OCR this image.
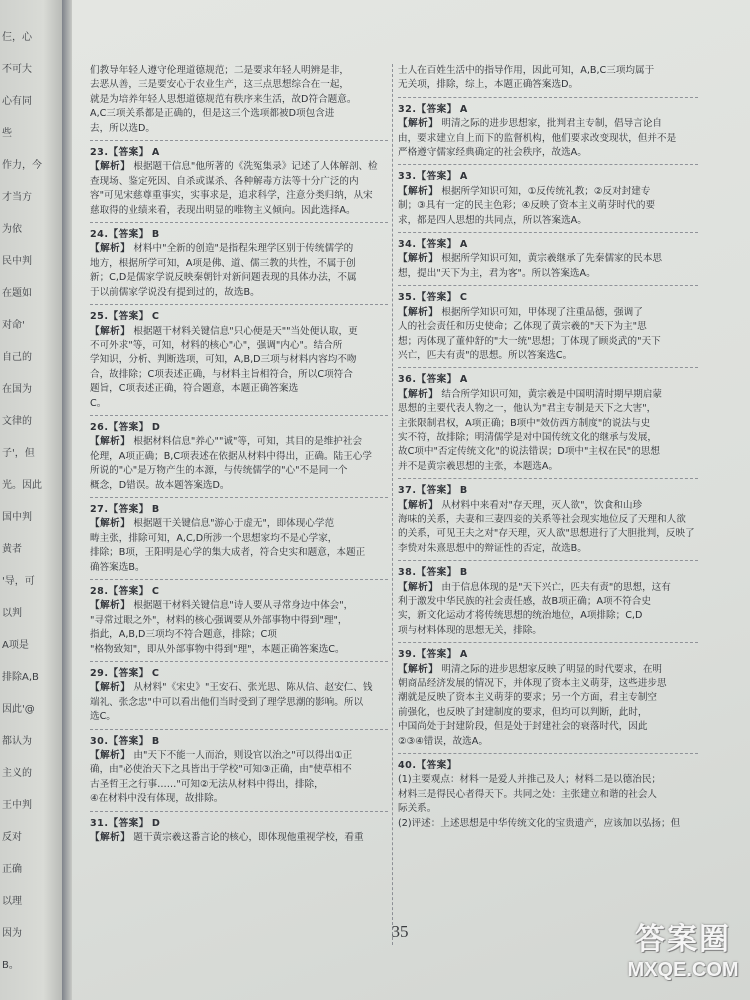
仨，心
不可大
心有同
些
作力，今
才当方
为依
民中判
在题如
对命'
自己的
在国为
文律的
子'，但
光。因此
国中判
黄者
'导，可
以判
A项是
排除A,B
因此'@
都认为
主义的
王中判
反对
正确
以理
因为
B。
们教导年轻人遵守伦理道德规范；二是要求年轻人明辨是非，
去恶从善，三是要安心于农业生产，这三点思想综合在一起，
就是为培养年轻人思想道德规范有秩序来生活，故D符合题意。
A,C三项关系都是正确的，但是这三个选项都被D项包含进
去，所以选D。
23.【答案】 A
【解析】 根据题干信息"他所著的《洗冤集录》记述了人体解剖、检
查现场、鉴定死因、自杀或谋杀、各种解毒方法等十分广泛的内
容"可见宋慈尊重事实，实事求是，追求科学，注意分类归纳，从宋
慈取得的业绩来看，表现出明显的唯物主义倾向。因此选择A。
24.【答案】 B
【解析】 材料中"全新的创造"是指程朱理学区别于传统儒学的
地方，根据所学可知，A项是佛、道、儒三教的共性，不属于创
新；C,D是儒家学说反映秦朝针对新问题表现的具体办法，不属
于以前儒家学说没有提到过的，故选B。
25.【答案】 C
【解析】 根据题干材料关键信息"只心便是天""当处便认取，更
不可外求"等，可知，材料的核心"心"，强调"内心"。结合所
学知识，分析、判断选项，可知，A,B,D三项与材料内容均不吻
合，故排除；C项表述正确，与材料主旨相符合，所以C项符合
题旨，C项表述正确，符合题意，本题正确答案选
C。
26.【答案】 D
【解析】 根据材料信息"养心""诚"等，可知，其目的是维护社会
伦理，A项正确；B,C项表述在依据从材料中得出，正确。陆王心学
所说的"心"是万物产生的本源，与传统儒学的"心"不是同一个
概念，D错误。故本题答案选D。
27.【答案】 B
【解析】 根据题干关键信息"游心于虚无"，即体现心学范
畴主张，排除可知，A,C,D所涉一个思想家均不是心学家，
排除；B项，王阳明是心学的集大成者，符合史实和题意，本题正
确答案选B。
28.【答案】 C
【解析】 根据题干材料关键信息"诗人要从寻常身边中体会"，
"寻常过眼之外"，材料的核心强调要从外部事物中得到"理"，
指此，A,B,D三项均不符合题意，排除；C项
"格物致知"，即从外部事物中得到"理"，本题正确答案选C。
29.【答案】 C
【解析】 从材料"《宋史》"王安石、张光思、陈从信、赵安仁、钱
端礼、张念忠"中可以看出他们当时受到了理学思潮的影响。所以
选C。
30.【答案】 B
【解析】 由"天下不能一人而治，则设官以治之"可以得出①正
确，由"必使治天下之具皆出于学校"可知③正确，由"使草相不
古圣哲王之行事……"可知②无法从材料中得出，排除，
④在材料中没有体现，故排除。
31.【答案】 D
【解析】 题干黄宗羲这番言论的核心，即体现他重视学校，看重
士人在百姓生活中的指导作用，因此可知，A,B,C三项均属于
无关项，排除，综上，本题正确答案选D。
32.【答案】 A
【解析】 明清之际的进步思想家，批判君主专制，倡导言论自
由，要求建立自上而下的监督机构，他们要求改变现状，但并不是
严格遵守儒家经典确定的社会秩序，故选A。
33.【答案】 A
【解析】 根据所学知识可知，①反传统礼教；②反对封建专
制；③具有一定的民主色彩；④反映了资本主义萌芽时代的要
求，都是四人思想的共同点，所以答案选A。
34.【答案】 A
【解析】 根据所学知识可知，黄宗羲继承了先秦儒家的民本思
想，提出"天下为主，君为客"。所以答案选A。
35.【答案】 C
【解析】 根据所学知识可知，甲体现了注重品德，强调了
人的社会责任和历史使命；乙体现了黄宗羲的"天下为主"思
想；丙体现了董仲舒的"大一统"思想；丁体现了顾炎武的"天下
兴亡，匹夫有责"的思想。所以答案选C。
36.【答案】 A
【解析】 结合所学知识可知，黄宗羲是中国明清时期早期启蒙
思想的主要代表人物之一，他认为"君主专制是天下之大害"，
主张限制君权，A项正确；B项中"效仿西方制度"的说法与史
实不符，故排除；明清儒学是对中国传统文化的继承与发展，
故C项中"否定传统文化"的说法错误；D项中"主权在民"的思想
并不是黄宗羲思想的主张，本题选A。
37.【答案】 B
【解析】 从材料中来看对"存天理，灭人欲"，饮食和山珍
海味的关系，夫妻和三妻四妾的关系等社会现实地位反了天理和人欲
的关系，可见王夫之对"存天理，灭人欲"思想进行了大胆批判，反映了
李贽对朱熹思想中的辩证性的否定，故选B。
38.【答案】 B
【解析】 由于信息体现的是"天下兴亡，匹夫有责"的思想，这有
利于激发中华民族的社会责任感，故B项正确；A项不符合史
实，新文化运动才将传统思想的统治地位，A项排除；C,D
项与材料体现的思想无关，排除。
39.【答案】 A
【解析】 明清之际的进步思想家反映了明显的时代要求，在明
朝商品经济发展的情况下，并体现了资本主义萌芽，这些进步思
潮就是反映了资本主义萌芽的要求；另一个方面，君主专制空
前强化，也反映了封建制度的要求，但均可以判断，此时，
中国尚处于封建阶段，但是处于封建社会的衰落时代，因此
②③④错误，故选A。
40.【答案】
(1)主要观点：材料一是爱人并推己及人；材料二是以德治民；
材料三是得民心者得天下。共同之处：主张建立和谐的社会人
际关系。
(2)评述：上述思想是中华传统文化的宝贵遗产，应该加以弘扬；但
35	答案圈
MXQE.COM
